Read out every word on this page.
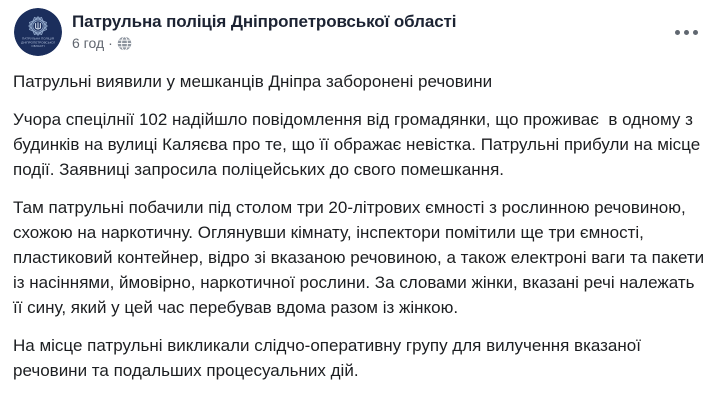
ПАТРУЛЬНА ПОЛІЦІЯ
ДНІПРОПЕТРОВСЬКОЇ
ОБЛАСТІ
Патрульна поліція Дніпропетровської області
6 год ·

Патрульні виявили у мешканців Дніпра заборонені речовини

Учора спецілнії 102 надійшло повідомлення від громадянки, що проживає  в одному з будинків на вулиці Каляєва про те, що її ображає невістка. Патрульні прибули на місце події. Заявниці запросила поліцейських до свого помешкання.

Там патрульні побачили під столом три 20-літрових ємності з рослинною речовиною, схожою на наркотичну. Оглянувши кімнату, інспектори помітили ще три ємності, пластиковий контейнер, відро зі вказаною речовиною, а також електроні ваги та пакети із насіннями, ймовірно, наркотичної рослини. За словами жінки, вказані речі належать її сину, який у цей час перебував вдома разом із жінкою.

На місце патрульні викликали слідчо-оперативну групу для вилучення вказаної речовини та подальших процесуальних дій.
